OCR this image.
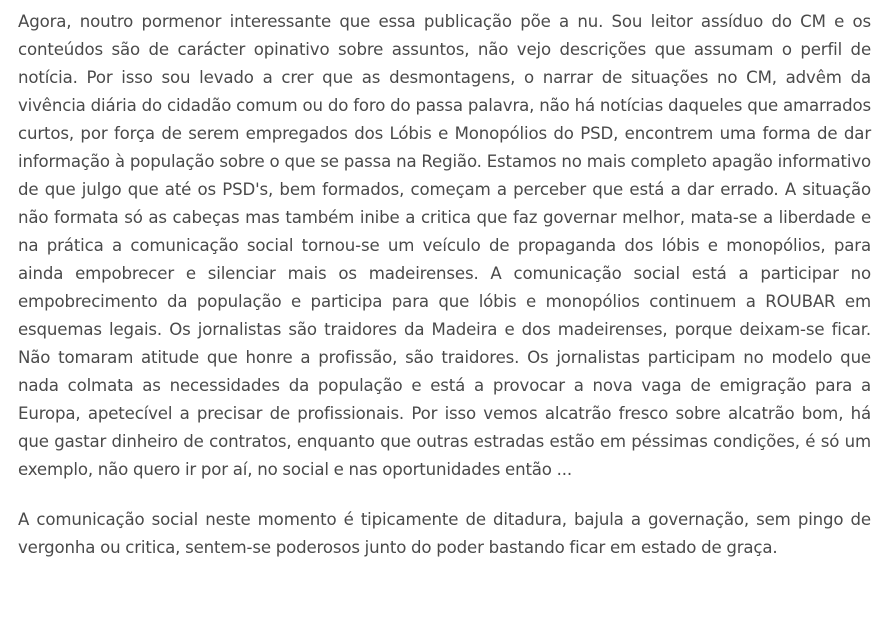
Agora, noutro pormenor interessante que essa publicação põe a nu. Sou leitor assíduo do CM e os conteúdos são de carácter opinativo sobre assuntos, não vejo descrições que assumam o perfil de notícia. Por isso sou levado a crer que as desmontagens, o narrar de situações no CM, advêm da vivência diária do cidadão comum ou do foro do passa palavra, não há notícias daqueles que amarrados curtos, por força de serem empregados dos Lóbis e Monopólios do PSD, encontrem uma forma de dar informação à população sobre o que se passa na Região. Estamos no mais completo apagão informativo de que julgo que até os PSD's, bem formados, começam a perceber que está a dar errado. A situação não formata só as cabeças mas também inibe a critica que faz governar melhor, mata-se a liberdade e na prática a comunicação social tornou-se um veículo de propaganda dos lóbis e monopólios, para ainda empobrecer e silenciar mais os madeirenses. A comunicação social está a participar no empobrecimento da população e participa para que lóbis e monopólios continuem a ROUBAR em esquemas legais. Os jornalistas são traidores da Madeira e dos madeirenses, porque deixam-se ficar. Não tomaram atitude que honre a profissão, são traidores. Os jornalistas participam no modelo que nada colmata as necessidades da população e está a provocar a nova vaga de emigração para a Europa, apetecível a precisar de profissionais. Por isso vemos alcatrão fresco sobre alcatrão bom, há que gastar dinheiro de contratos, enquanto que outras estradas estão em péssimas condições, é só um exemplo, não quero ir por aí, no social e nas oportunidades então ...

A comunicação social neste momento é tipicamente de ditadura, bajula a governação, sem pingo de vergonha ou critica, sentem-se poderosos junto do poder bastando ficar em estado de graça.
